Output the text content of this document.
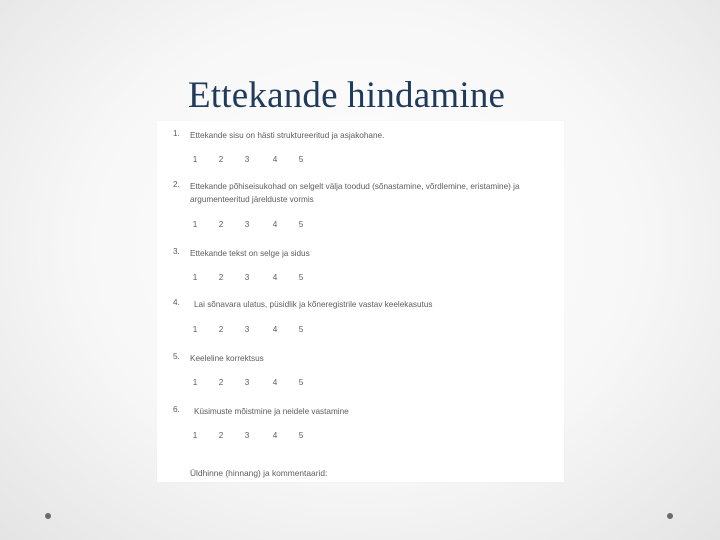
Ettekande hindamine
1. Ettekande sisu on hästi struktureeritud ja asjakohane.
1	2	3	4	5
2. Ettekande põhiseisukohad on selgelt välja toodud (sõnastamine, võrdlemine, eristamine) ja argumenteeritud järelduste vormis
1	2	3	4	5
3. Ettekande tekst on selge ja sidus
1	2	3	4	5
4. Lai sõnavara ulatus, püsidlik ja kõneregistrile vastav keelekasutus
1	2	3	4	5
5. Keeleline korrektsus
1	2	3	4	5
6. Küsimuste mõistmine ja neidele vastamine
1	2	3	4	5
Üldhinne (hinnang) ja kommentaarid:
